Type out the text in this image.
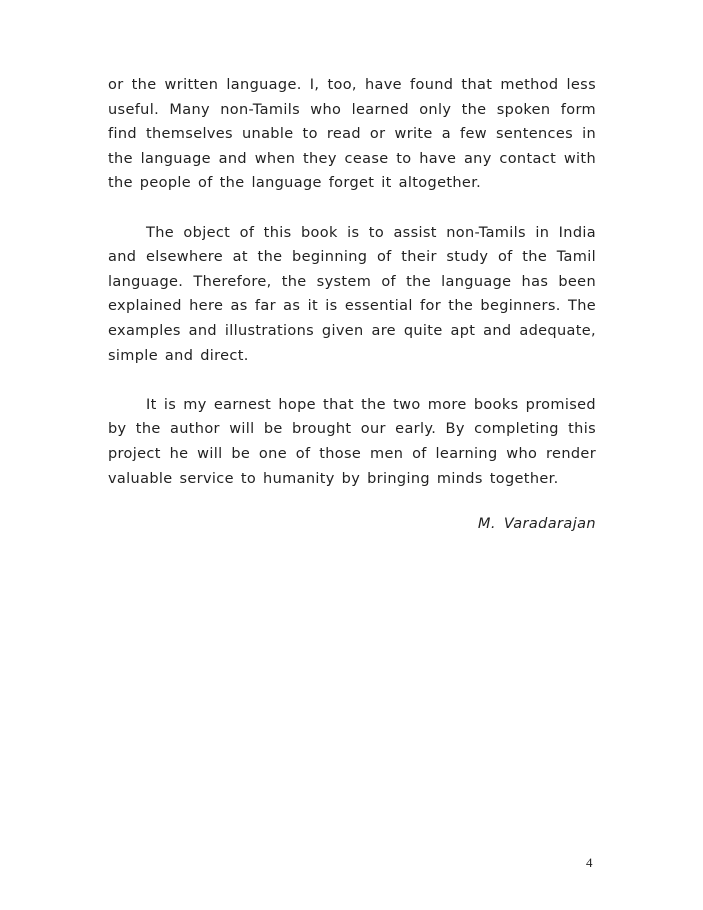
or the written language. I, too, have found that method less useful. Many non-Tamils who learned only the spoken form find themselves unable to read or write a few sentences in the language and when they cease to have any contact with the people of the language forget it altogether.

The object of this book is to assist non-Tamils in India and elsewhere at the beginning of their study of the Tamil language. Therefore, the system of the language has been explained here as far as it is essential for the beginners. The examples and illustrations given are quite apt and adequate, simple and direct.

It is my earnest hope that the two more books promised by the author will be brought our early. By completing this project he will be one of those men of learning who render valuable service to humanity by bringing minds together.

M. Varadarajan
4
